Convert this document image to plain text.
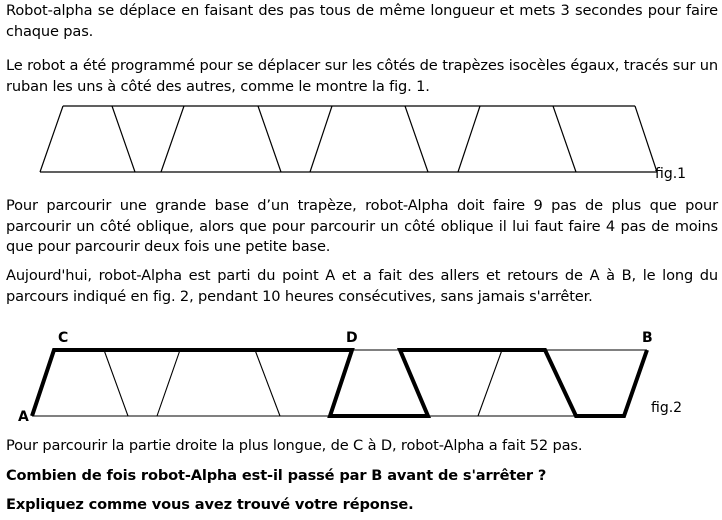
Robot-alpha se déplace en faisant des pas tous de même longueur et mets 3 secondes pour faire chaque pas.

Le robot a été programmé pour se déplacer sur les côtés de trapèzes isocèles égaux, tracés sur un ruban les uns à côté des autres, comme le montre la fig. 1.

fig.1
C	D	B
A
fig.2

Pour parcourir une grande base d’un trapèze, robot-Alpha doit faire 9 pas de plus que pour parcourir un côté oblique, alors que pour parcourir un côté oblique il lui faut faire 4 pas de moins que pour parcourir deux fois une petite base.

Aujourd'hui, robot-Alpha est parti du point A et a fait des allers et retours de A à B, le long du parcours indiqué en fig. 2, pendant 10 heures consécutives, sans jamais s'arrêter.

Pour parcourir la partie droite la plus longue, de C à D, robot-Alpha a fait 52 pas.

Combien de fois robot-Alpha est-il passé par B avant de s'arrêter ?

Expliquez comme vous avez trouvé votre réponse.
